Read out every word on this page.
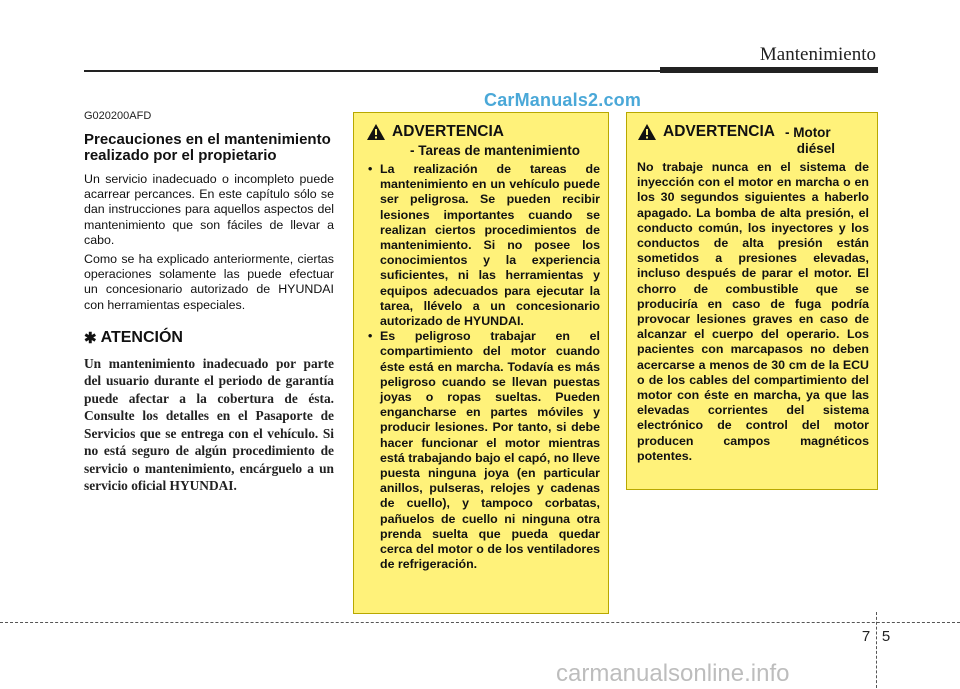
Mantenimiento
CarManuals2.com
G020200AFD
Precauciones en el mantenimiento realizado por el propietario
Un servicio inadecuado o incompleto puede acarrear percances. En este capítulo sólo se dan instrucciones para aquellos aspectos del mantenimiento que son fáciles de llevar a cabo.
Como se ha explicado anteriormente, ciertas operaciones solamente las puede efectuar un concesionario autorizado de HYUNDAI con herramientas especiales.
✱ ATENCIÓN
Un mantenimiento inadecuado por parte del usuario durante el periodo de garantía puede afectar a la cobertura de ésta. Consulte los detalles en el Pasaporte de Servicios que se entrega con el vehículo. Si no está seguro de algún procedimiento de servicio o mantenimiento, encárguelo a un servicio oficial HYUNDAI.
ADVERTENCIA
- Tareas de mantenimiento
• La realización de tareas de mantenimiento en un vehículo puede ser peligrosa. Se pueden recibir lesiones importantes cuando se realizan ciertos procedimientos de mantenimiento. Si no posee los conocimientos y la experiencia suficientes, ni las herramientas y equipos adecuados para ejecutar la tarea, llévelo a un concesionario autorizado de HYUNDAI.
• Es peligroso trabajar en el compartimiento del motor cuando éste está en marcha. Todavía es más peligroso cuando se llevan puestas joyas o ropas sueltas. Pueden engancharse en partes móviles y producir lesiones. Por tanto, si debe hacer funcionar el motor mientras está trabajando bajo el capó, no lleve puesta ninguna joya (en particular anillos, pulseras, relojes y cadenas de cuello), y tampoco corbatas, pañuelos de cuello ni ninguna otra prenda suelta que pueda quedar cerca del motor o de los ventiladores de refrigeración.
ADVERTENCIA - Motor
diésel
No trabaje nunca en el sistema de inyección con el motor en marcha o en los 30 segundos siguientes a haberlo apagado. La bomba de alta presión, el conducto común, los inyectores y los conductos de alta presión están sometidos a presiones elevadas, incluso después de parar el motor. El chorro de combustible que se produciría en caso de fuga podría provocar lesiones graves en caso de alcanzar el cuerpo del operario. Los pacientes con marcapasos no deben acercarse a menos de 30 cm de la ECU o de los cables del compartimiento del motor con éste en marcha, ya que las elevadas corrientes del sistema electrónico de control del motor producen campos magnéticos potentes.
7 5
carmanualsonline.info
